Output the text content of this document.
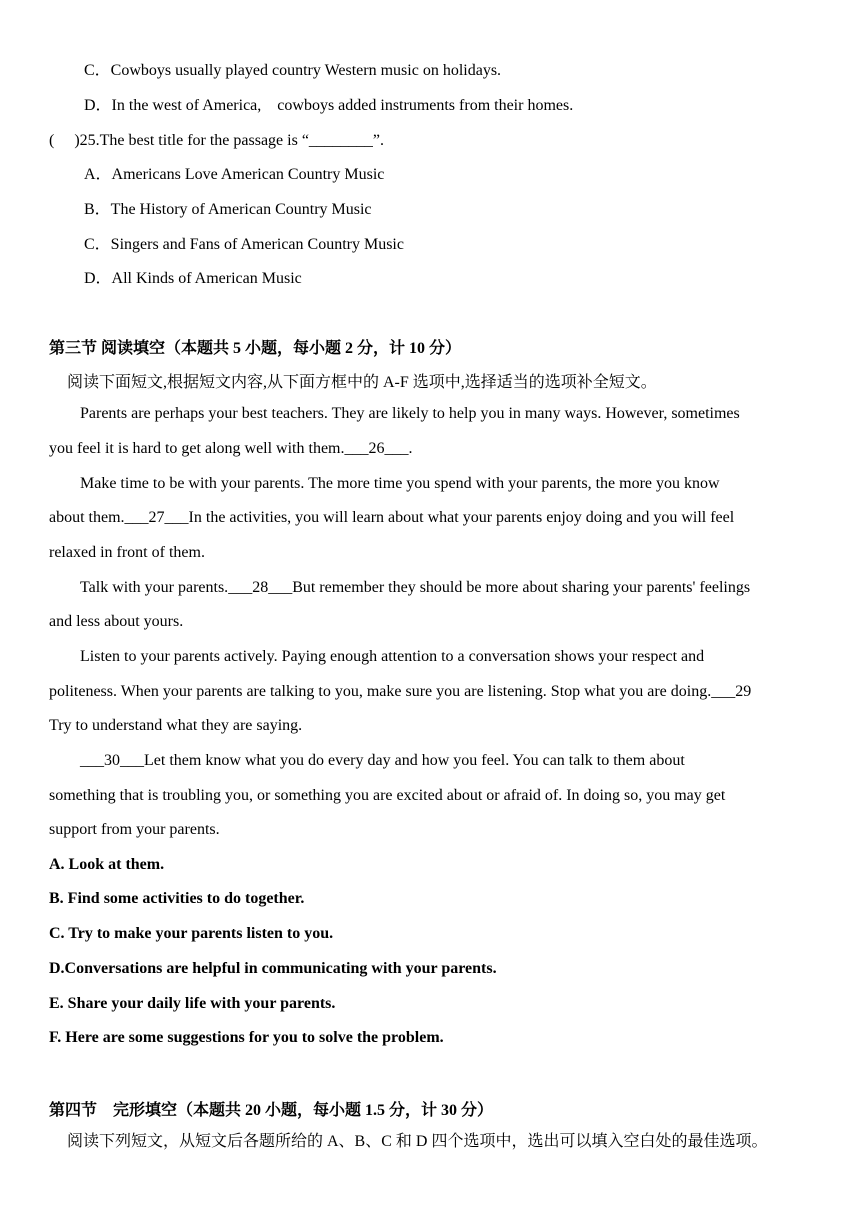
C．Cowboys usually played country Western music on holidays.
D．In the west of America,    cowboys added instruments from their homes.
(     )25.The best title for the passage is “________”.
A．Americans Love American Country Music
B．The History of American Country Music
C．Singers and Fans of American Country Music
D．All Kinds of American Music
第三节 阅读填空（本题共 5 小题，每小题 2 分，计 10 分）
阅读下面短文,根据短文内容,从下面方框中的 A-F 选项中,选择适当的选项补全短文。
Parents are perhaps your best teachers. They are likely to help you in many ways. However, sometimes
you feel it is hard to get along well with them.___26___.
Make time to be with your parents. The more time you spend with your parents, the more you know
about them.___27___In the activities, you will learn about what your parents enjoy doing and you will feel
relaxed in front of them.
Talk with your parents.___28___But remember they should be more about sharing your parents' feelings
and less about yours.
Listen to your parents actively. Paying enough attention to a conversation shows your respect and
politeness. When your parents are talking to you, make sure you are listening. Stop what you are doing.___29
Try to understand what they are saying.
___30___Let them know what you do every day and how you feel. You can talk to them about
something that is troubling you, or something you are excited about or afraid of. In doing so, you may get
support from your parents.
A. Look at them.
B. Find some activities to do together.
C. Try to make your parents listen to you.
D.Conversations are helpful in communicating with your parents.
E. Share your daily life with your parents.
F. Here are some suggestions for you to solve the problem.
第四节    完形填空（本题共 20 小题，每小题 1.5 分，计 30 分）
阅读下列短文，从短文后各题所给的 A、B、C 和 D 四个选项中，选出可以填入空白处的最佳选项。
